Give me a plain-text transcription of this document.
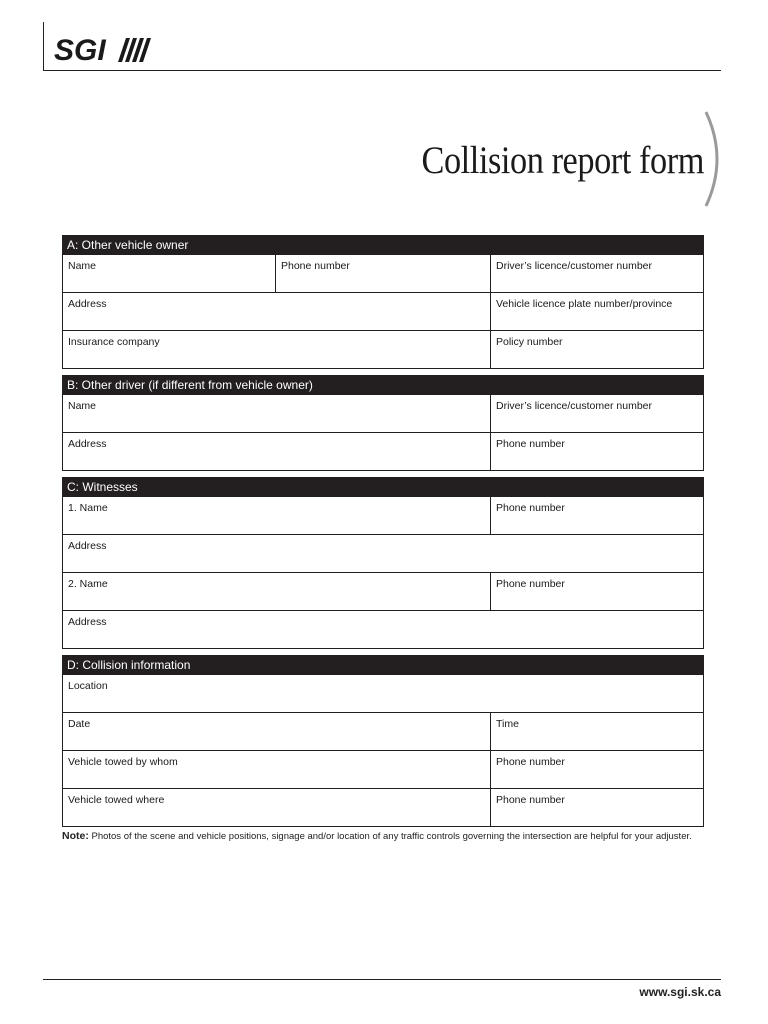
SGI
Collision report form
A: Other vehicle owner
Name	Phone number	Driver’s licence/customer number
Address	Vehicle licence plate number/province
Insurance company	Policy number
B: Other driver (if different from vehicle owner)
Name	Driver’s licence/customer number
Address	Phone number
C: Witnesses
1. Name	Phone number
Address
2. Name	Phone number
Address
D: Collision information
Location
Date	Time
Vehicle towed by whom	Phone number
Vehicle towed where	Phone number

Note: Photos of the scene and vehicle positions, signage and/or location of any traffic controls governing the intersection are helpful for your adjuster.

www.sgi.sk.ca
